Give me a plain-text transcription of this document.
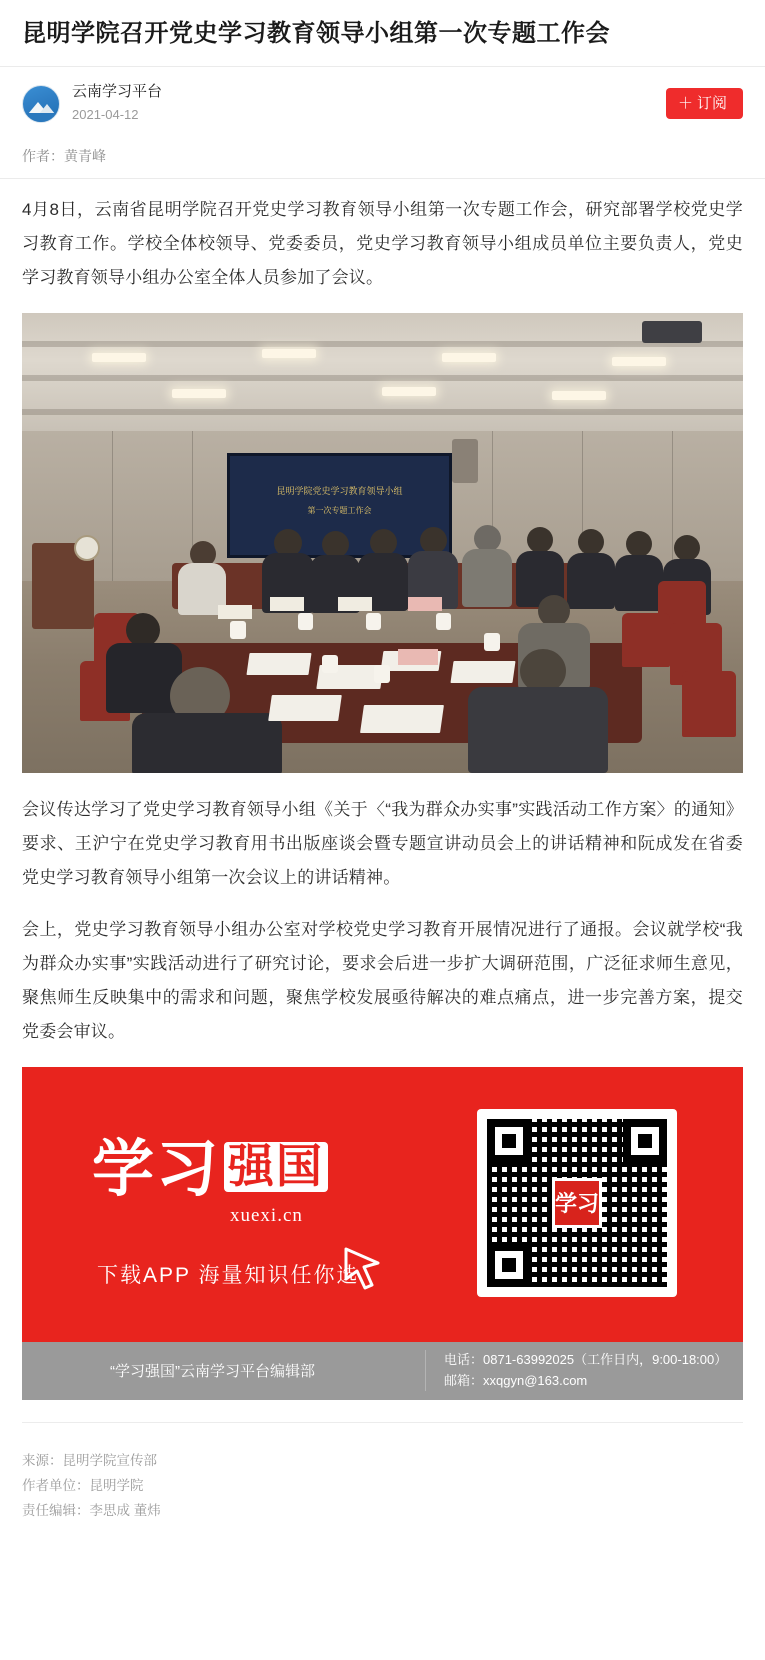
昆明学院召开党史学习教育领导小组第一次专题工作会
云南学习平台
2021-04-12
＋ 订阅
作者：黄青峰

4月8日，云南省昆明学院召开党史学习教育领导小组第一次专题工作会，研究部署学校党史学习教育工作。学校全体校领导、党委委员，党史学习教育领导小组成员单位主要负责人，党史学习教育领导小组办公室全体人员参加了会议。

昆明学院党史学习教育领导小组
第一次专题工作会

会议传达学习了党史学习教育领导小组《关于〈“我为群众办实事”实践活动工作方案〉的通知》要求、王沪宁在党史学习教育用书出版座谈会暨专题宣讲动员会上的讲话精神和阮成发在省委党史学习教育领导小组第一次会议上的讲话精神。

会上，党史学习教育领导小组办公室对学校党史学习教育开展情况进行了通报。会议就学校“我为群众办实事”实践活动进行了研究讨论，要求会后进一步扩大调研范围，广泛征求师生意见，聚焦师生反映集中的需求和问题，聚焦学校发展亟待解决的难点痛点，进一步完善方案，提交党委会审议。

学习 强国
xuexi.cn
下载APP 海量知识任你选
学习
“学习强国”云南学习平台编辑部
电话：0871-63992025（工作日内，9:00-18:00）
邮箱：xxqgyn@163.com
来源：昆明学院宣传部
作者单位：昆明学院
责任编辑：李思成 董炜
